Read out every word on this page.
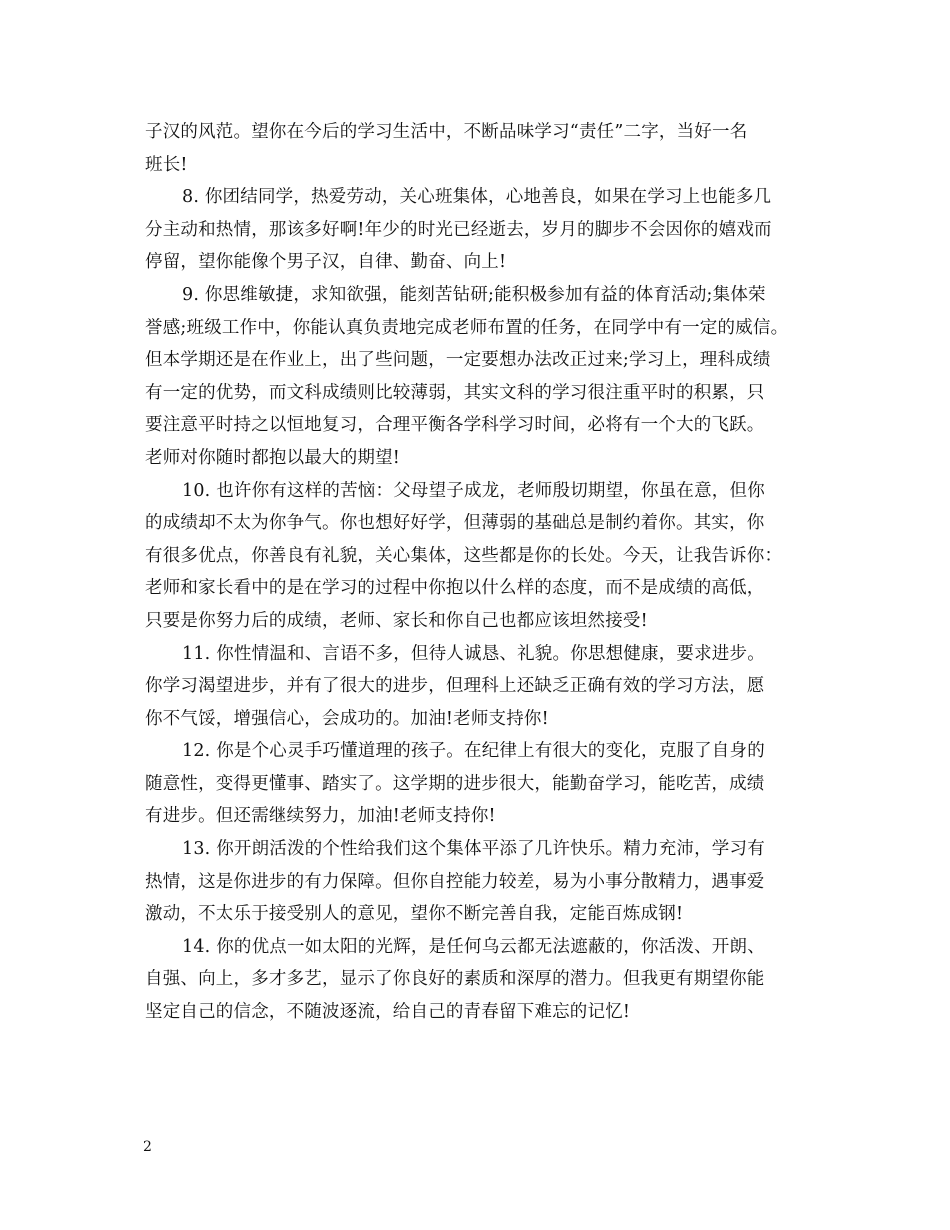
子汉的风范。望你在今后的学习生活中，不断品味学习“责任”二字，当好一名
班长!
8. 你团结同学，热爱劳动，关心班集体，心地善良，如果在学习上也能多几
分主动和热情，那该多好啊!年少的时光已经逝去，岁月的脚步不会因你的嬉戏而
停留，望你能像个男子汉，自律、勤奋、向上!
9. 你思维敏捷，求知欲强，能刻苦钻研;能积极参加有益的体育活动;集体荣
誉感;班级工作中，你能认真负责地完成老师布置的任务，在同学中有一定的威信。
但本学期还是在作业上，出了些问题，一定要想办法改正过来;学习上，理科成绩
有一定的优势，而文科成绩则比较薄弱，其实文科的学习很注重平时的积累，只
要注意平时持之以恒地复习，合理平衡各学科学习时间，必将有一个大的飞跃。
老师对你随时都抱以最大的期望!
10. 也许你有这样的苦恼：父母望子成龙，老师殷切期望，你虽在意，但你
的成绩却不太为你争气。你也想好好学，但薄弱的基础总是制约着你。其实，你
有很多优点，你善良有礼貌，关心集体，这些都是你的长处。今天，让我告诉你：
老师和家长看中的是在学习的过程中你抱以什么样的态度，而不是成绩的高低，
只要是你努力后的成绩，老师、家长和你自己也都应该坦然接受!
11. 你性情温和、言语不多，但待人诚恳、礼貌。你思想健康，要求进步。
你学习渴望进步，并有了很大的进步，但理科上还缺乏正确有效的学习方法，愿
你不气馁，增强信心，会成功的。加油!老师支持你!
12. 你是个心灵手巧懂道理的孩子。在纪律上有很大的变化，克服了自身的
随意性，变得更懂事、踏实了。这学期的进步很大，能勤奋学习，能吃苦，成绩
有进步。但还需继续努力，加油!老师支持你!
13. 你开朗活泼的个性给我们这个集体平添了几许快乐。精力充沛，学习有
热情，这是你进步的有力保障。但你自控能力较差，易为小事分散精力，遇事爱
激动，不太乐于接受别人的意见，望你不断完善自我，定能百炼成钢!
14. 你的优点一如太阳的光辉，是任何乌云都无法遮蔽的，你活泼、开朗、
自强、向上，多才多艺，显示了你良好的素质和深厚的潜力。但我更有期望你能
坚定自己的信念，不随波逐流，给自己的青春留下难忘的记忆!
2
